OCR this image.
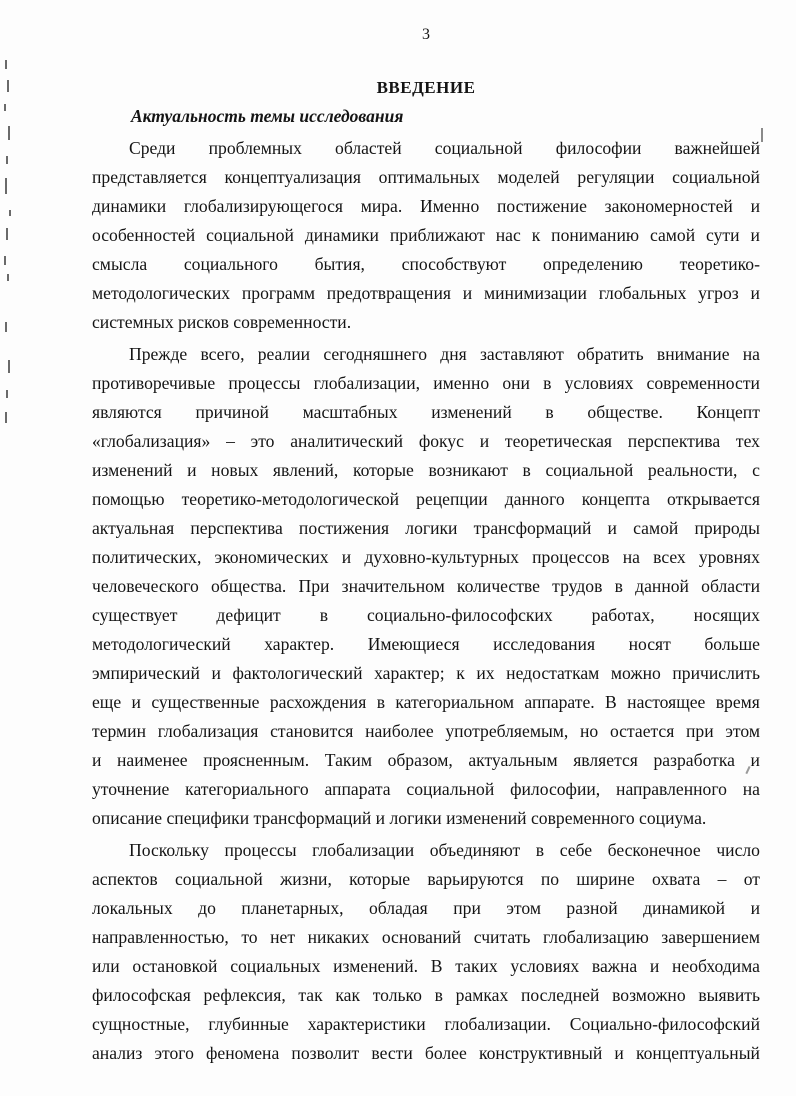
3
ВВЕДЕНИЕ
Актуальность темы исследования
Среди проблемных областей социальной философии важнейшей
представляется концептуализация оптимальных моделей регуляции социальной
динамики глобализирующегося мира. Именно постижение закономерностей и
особенностей социальной динамики приближают нас к пониманию самой сути и
смысла социального бытия, способствуют определению теоретико-
методологических программ предотвращения и минимизации глобальных угроз и
системных рисков современности.
Прежде всего, реалии сегодняшнего дня заставляют обратить внимание на
противоречивые процессы глобализации, именно они в условиях современности
являются причиной масштабных изменений в обществе. Концепт
«глобализация» – это аналитический фокус и теоретическая перспектива тех
изменений и новых явлений, которые возникают в социальной реальности, с
помощью теоретико-методологической рецепции данного концепта открывается
актуальная перспектива постижения логики трансформаций и самой природы
политических, экономических и духовно-культурных процессов на всех уровнях
человеческого общества. При значительном количестве трудов в данной области
существует дефицит в социально-философских работах, носящих
методологический характер. Имеющиеся исследования носят больше
эмпирический и фактологический характер; к их недостаткам можно причислить
еще и существенные расхождения в категориальном аппарате. В настоящее время
термин глобализация становится наиболее употребляемым, но остается при этом
и наименее проясненным. Таким образом, актуальным является разработка и
уточнение категориального аппарата социальной философии, направленного на
описание специфики трансформаций и логики изменений современного социума.
Поскольку процессы глобализации объединяют в себе бесконечное число
аспектов социальной жизни, которые варьируются по ширине охвата – от
локальных до планетарных, обладая при этом разной динамикой и
направленностью, то нет никаких оснований считать глобализацию завершением
или остановкой социальных изменений. В таких условиях важна и необходима
философская рефлексия, так как только в рамках последней возможно выявить
сущностные, глубинные характеристики глобализации. Социально-философский
анализ этого феномена позволит вести более конструктивный и концептуальный
